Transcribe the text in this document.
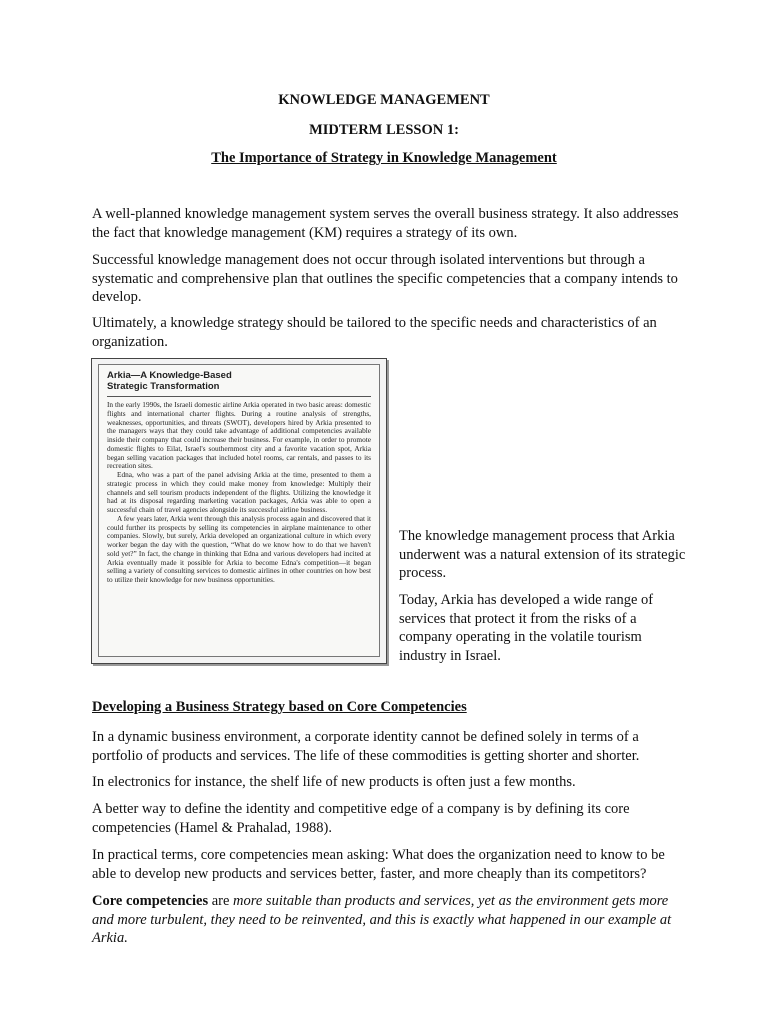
KNOWLEDGE MANAGEMENT
MIDTERM LESSON 1:
The Importance of Strategy in Knowledge Management

A well-planned knowledge management system serves the overall business strategy. It also addresses the fact that knowledge management (KM) requires a strategy of its own.

Successful knowledge management does not occur through isolated interventions but through a systematic and comprehensive plan that outlines the specific competencies that a company intends to develop.

Ultimately, a knowledge strategy should be tailored to the specific needs and characteristics of an organization.

Arkia—A Knowledge-Based
Strategic Transformation

In the early 1990s, the Israeli domestic airline Arkia operated in two basic areas: domestic flights and international charter flights. During a routine analysis of strengths, weaknesses, opportunities, and threats (SWOT), developers hired by Arkia presented to the managers ways that they could take advantage of additional competencies available inside their company that could increase their business. For example, in order to promote domestic flights to Eilat, Israel's southernmost city and a favorite vacation spot, Arkia began selling vacation packages that included hotel rooms, car rentals, and passes to its recreation sites.

Edna, who was a part of the panel advising Arkia at the time, presented to them a strategic process in which they could make money from knowledge: Multiply their channels and sell tourism products independent of the flights. Utilizing the knowledge it had at its disposal regarding marketing vacation packages, Arkia was able to open a successful chain of travel agencies alongside its successful airline business.

A few years later, Arkia went through this analysis process again and discovered that it could further its prospects by selling its competencies in airplane maintenance to other companies. Slowly, but surely, Arkia developed an organizational culture in which every worker began the day with the question, “What do we know how to do that we haven't sold yet?” In fact, the change in thinking that Edna and various developers had incited at Arkia eventually made it possible for Arkia to become Edna's competition—it began selling a variety of consulting services to domestic airlines in other countries on how best to utilize their knowledge for new business opportunities.

The knowledge management process that Arkia underwent was a natural extension of its strategic process.

Today, Arkia has developed a wide range of services that protect it from the risks of a company operating in the volatile tourism industry in Israel.

Developing a Business Strategy based on Core Competencies

In a dynamic business environment, a corporate identity cannot be defined solely in terms of a portfolio of products and services. The life of these commodities is getting shorter and shorter.

In electronics for instance, the shelf life of new products is often just a few months.

A better way to define the identity and competitive edge of a company is by defining its core competencies (Hamel & Prahalad, 1988).

In practical terms, core competencies mean asking: What does the organization need to know to be able to develop new products and services better, faster, and more cheaply than its competitors?

Core competencies are more suitable than products and services, yet as the environment gets more and more turbulent, they need to be reinvented, and this is exactly what happened in our example at Arkia.
